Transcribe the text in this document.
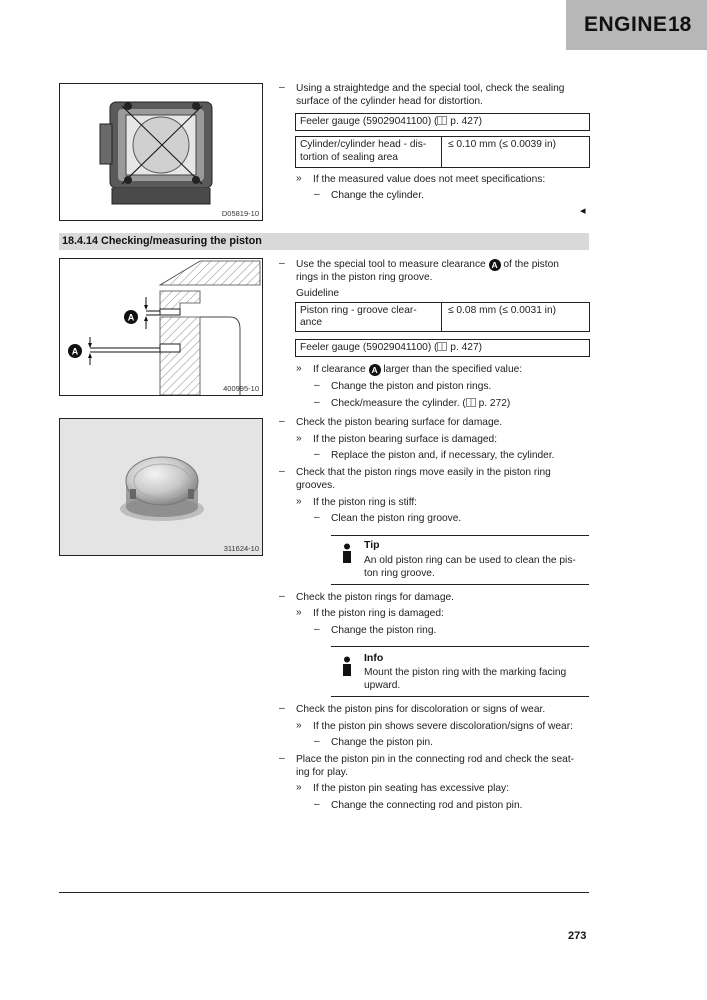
ENGINE 18
D05819-10
– Using a straightedge and the special tool, check the sealing
surface of the cylinder head for distortion.
Feeler gauge (59029041100) ( p. 427)
Cylinder/cylinder head - dis-
tortion of sealing area
≤ 0.10 mm (≤ 0.0039 in)
» If the measured value does not meet specifications:
– Change the cylinder.
◂
18.4.14 Checking/measuring the piston
A
A
400995-10
– Use the special tool to measure clearance A of the piston
rings in the piston ring groove.
Guideline
Piston ring - groove clear-
ance
≤ 0.08 mm (≤ 0.0031 in)
Feeler gauge (59029041100) ( p. 427)
» If clearance A larger than the specified value:
– Change the piston and piston rings.
– Check/measure the cylinder. ( p. 272)
311624-10
– Check the piston bearing surface for damage.
» If the piston bearing surface is damaged:
– Replace the piston and, if necessary, the cylinder.
– Check that the piston rings move easily in the piston ring
grooves.
» If the piston ring is stiff:
– Clean the piston ring groove.
Tip
An old piston ring can be used to clean the pis-
ton ring groove.
– Check the piston rings for damage.
» If the piston ring is damaged:
– Change the piston ring.
Info
Mount the piston ring with the marking facing
upward.
– Check the piston pins for discoloration or signs of wear.
» If the piston pin shows severe discoloration/signs of wear:
– Change the piston pin.
– Place the piston pin in the connecting rod and check the seat-
ing for play.
» If the piston pin seating has excessive play:
– Change the connecting rod and piston pin.
273
